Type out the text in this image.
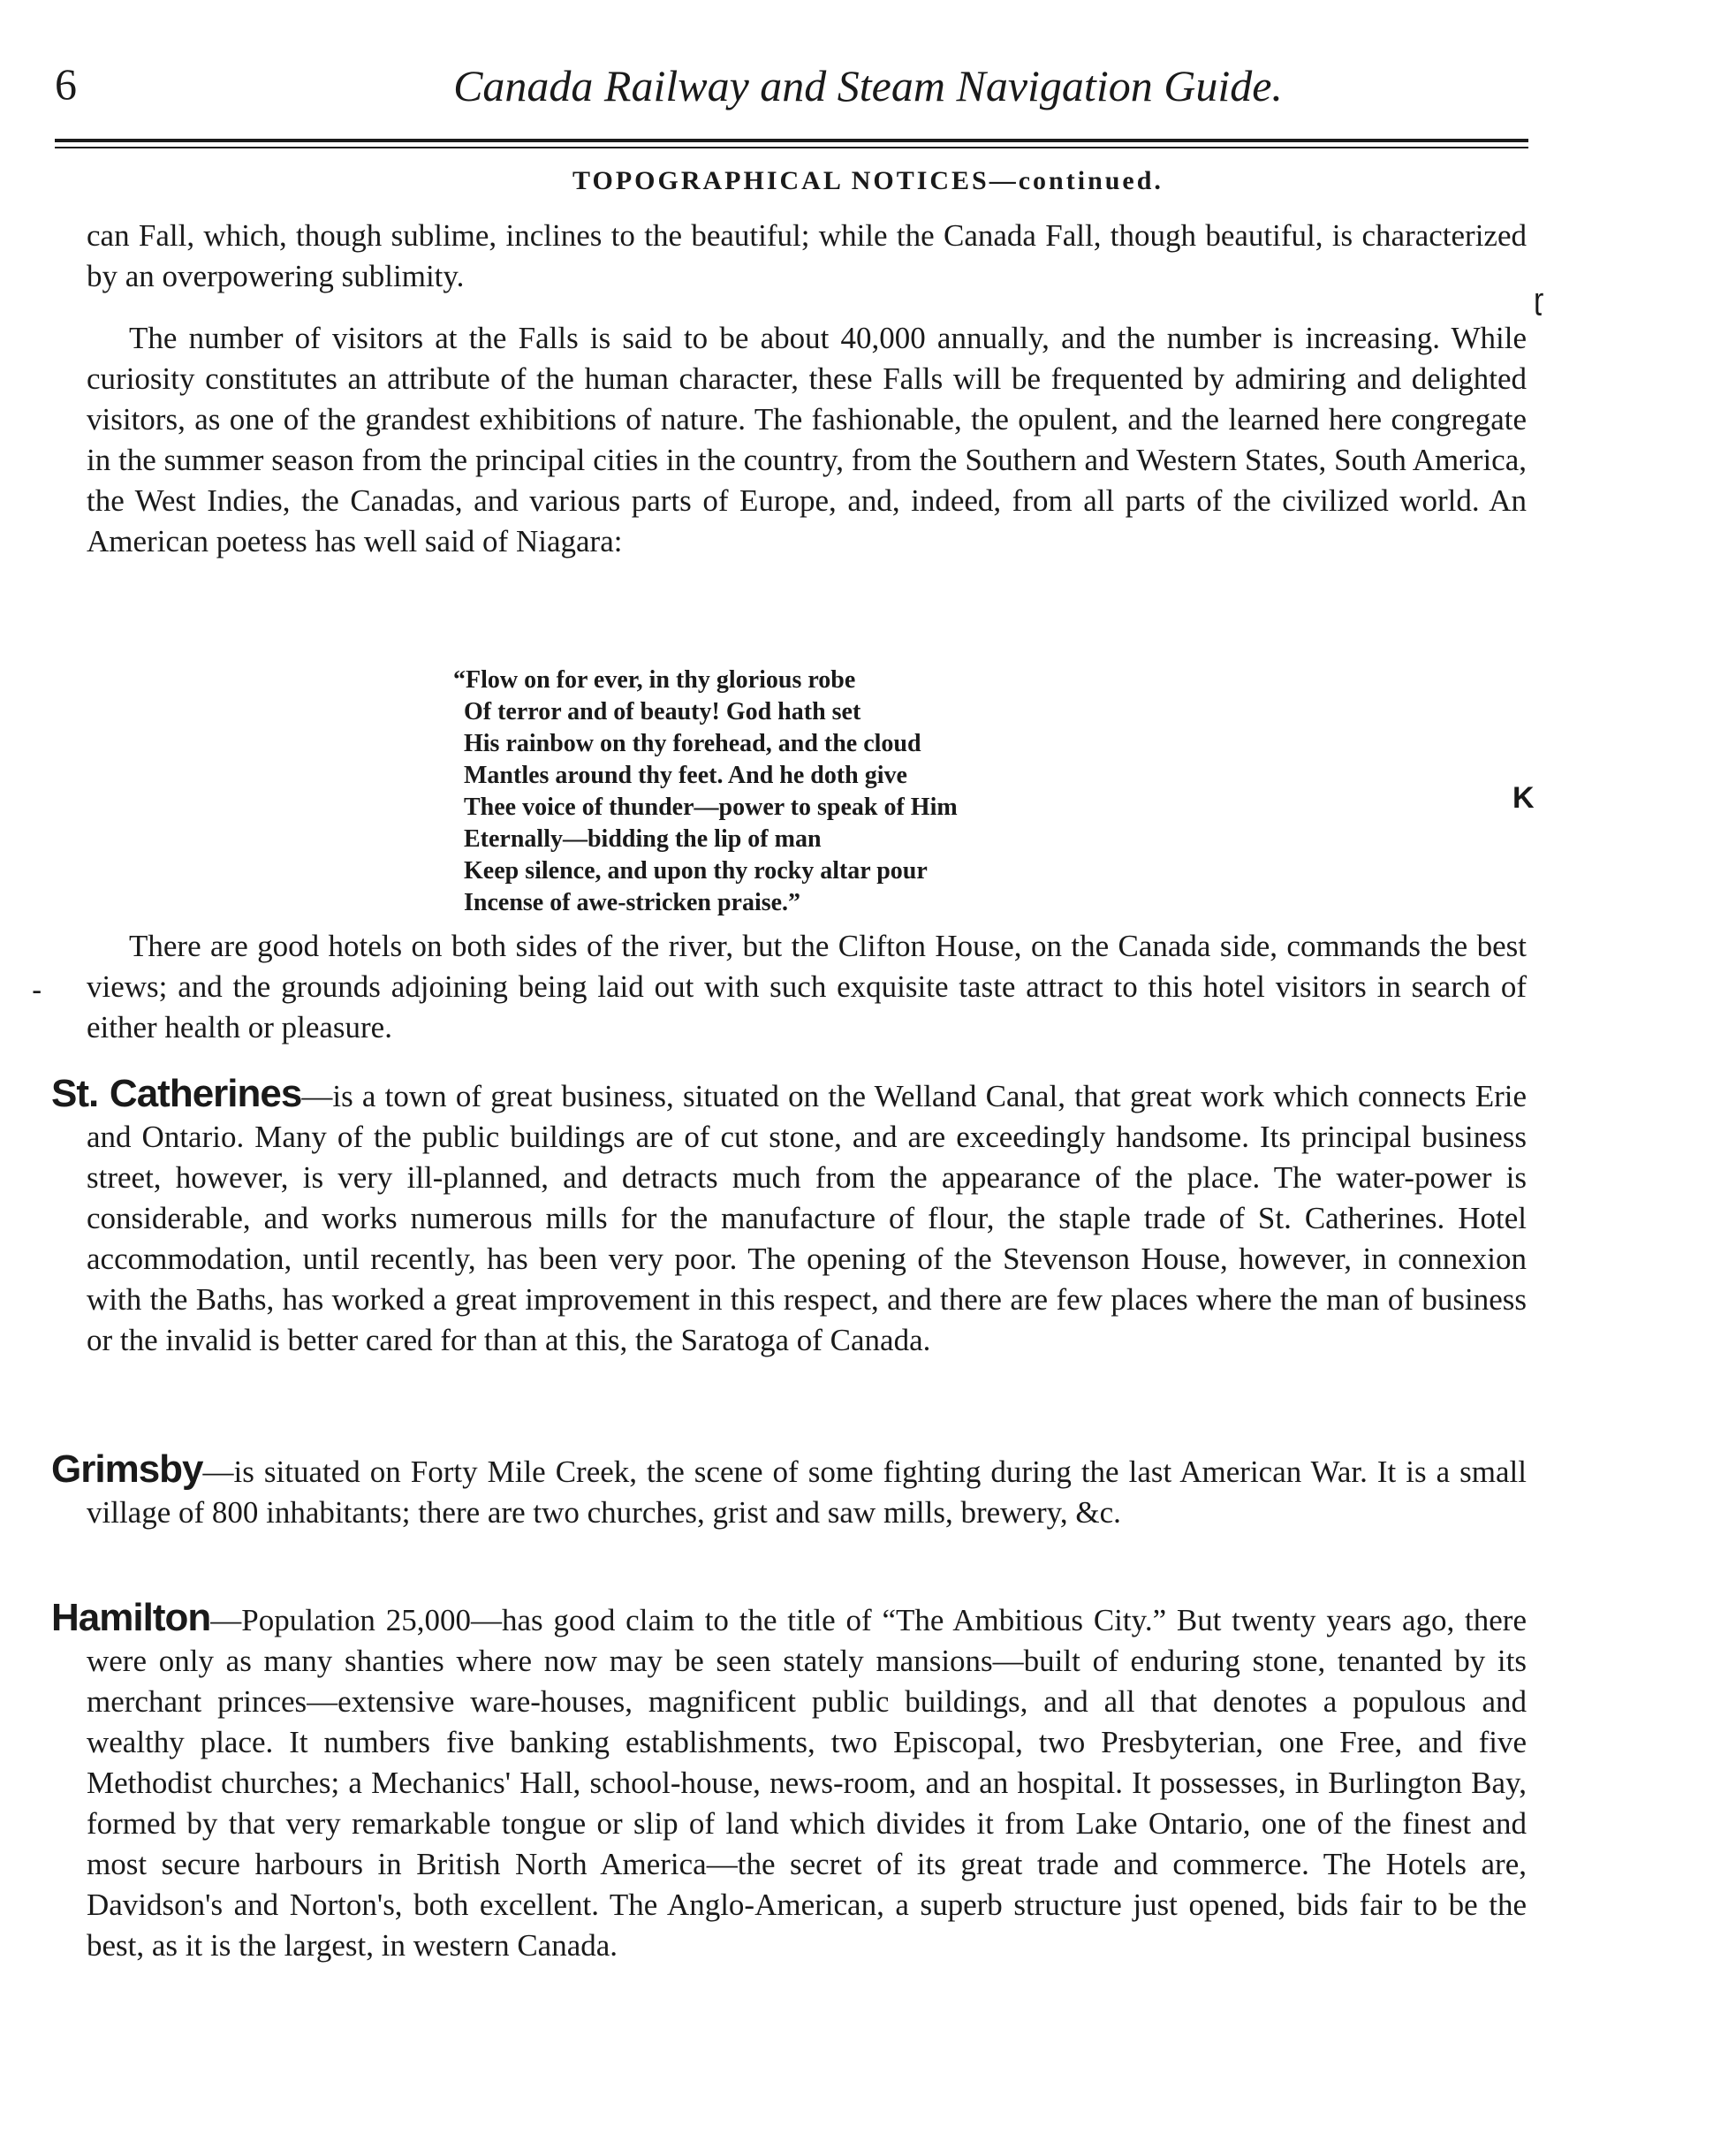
6	Canada Railway and Steam Navigation Guide.
TOPOGRAPHICAL NOTICES—continued.

can Fall, which, though sublime, inclines to the beautiful; while the Canada Fall, though beautiful, is characterized by an overpowering sublimity.

The number of visitors at the Falls is said to be about 40,000 annually, and the number is increasing. While curiosity constitutes an attribute of the human character, these Falls will be frequented by admiring and delighted visitors, as one of the grandest exhibitions of nature. The fashionable, the opulent, and the learned here congregate in the summer season from the principal cities in the country, from the Southern and Western States, South America, the West Indies, the Canadas, and various parts of Europe, and, indeed, from all parts of the civilized world. An American poetess has well said of Niagara:

“Flow on for ever, in thy glorious robe
Of terror and of beauty! God hath set
His rainbow on thy forehead, and the cloud
Mantles around thy feet. And he doth give
Thee voice of thunder—power to speak of Him
Eternally—bidding the lip of man
Keep silence, and upon thy rocky altar pour
Incense of awe-stricken praise.”

There are good hotels on both sides of the river, but the Clifton House, on the Canada side, commands the best views; and the grounds adjoining being laid out with such exquisite taste attract to this hotel visitors in search of either health or pleasure.

St. Catherines—is a town of great business, situated on the Welland Canal, that great work which connects Erie and Ontario. Many of the public buildings are of cut stone, and are exceedingly handsome. Its principal business street, however, is very ill-planned, and detracts much from the appearance of the place. The water-power is considerable, and works numerous mills for the manufacture of flour, the staple trade of St. Catherines. Hotel accommodation, until recently, has been very poor. The opening of the Stevenson House, however, in connexion with the Baths, has worked a great improvement in this respect, and there are few places where the man of business or the invalid is better cared for than at this, the Saratoga of Canada.

Grimsby—is situated on Forty Mile Creek, the scene of some fighting during the last American War. It is a small village of 800 inhabitants; there are two churches, grist and saw mills, brewery, &c.

Hamilton—Population 25,000—has good claim to the title of “The Ambitious City.” But twenty years ago, there were only as many shanties where now may be seen stately mansions—built of enduring stone, tenanted by its merchant princes—extensive ware-houses, magnificent public buildings, and all that denotes a populous and wealthy place. It numbers five banking establishments, two Episcopal, two Presbyterian, one Free, and five Methodist churches; a Mechanics' Hall, school-house, news-room, and an hospital. It possesses, in Burlington Bay, formed by that very remarkable tongue or slip of land which divides it from Lake Ontario, one of the finest and most secure harbours in British North America—the secret of its great trade and commerce. The Hotels are, Davidson's and Norton's, both excellent. The Anglo-American, a superb structure just opened, bids fair to be the best, as it is the largest, in western Canada.

ɽ
K
-
